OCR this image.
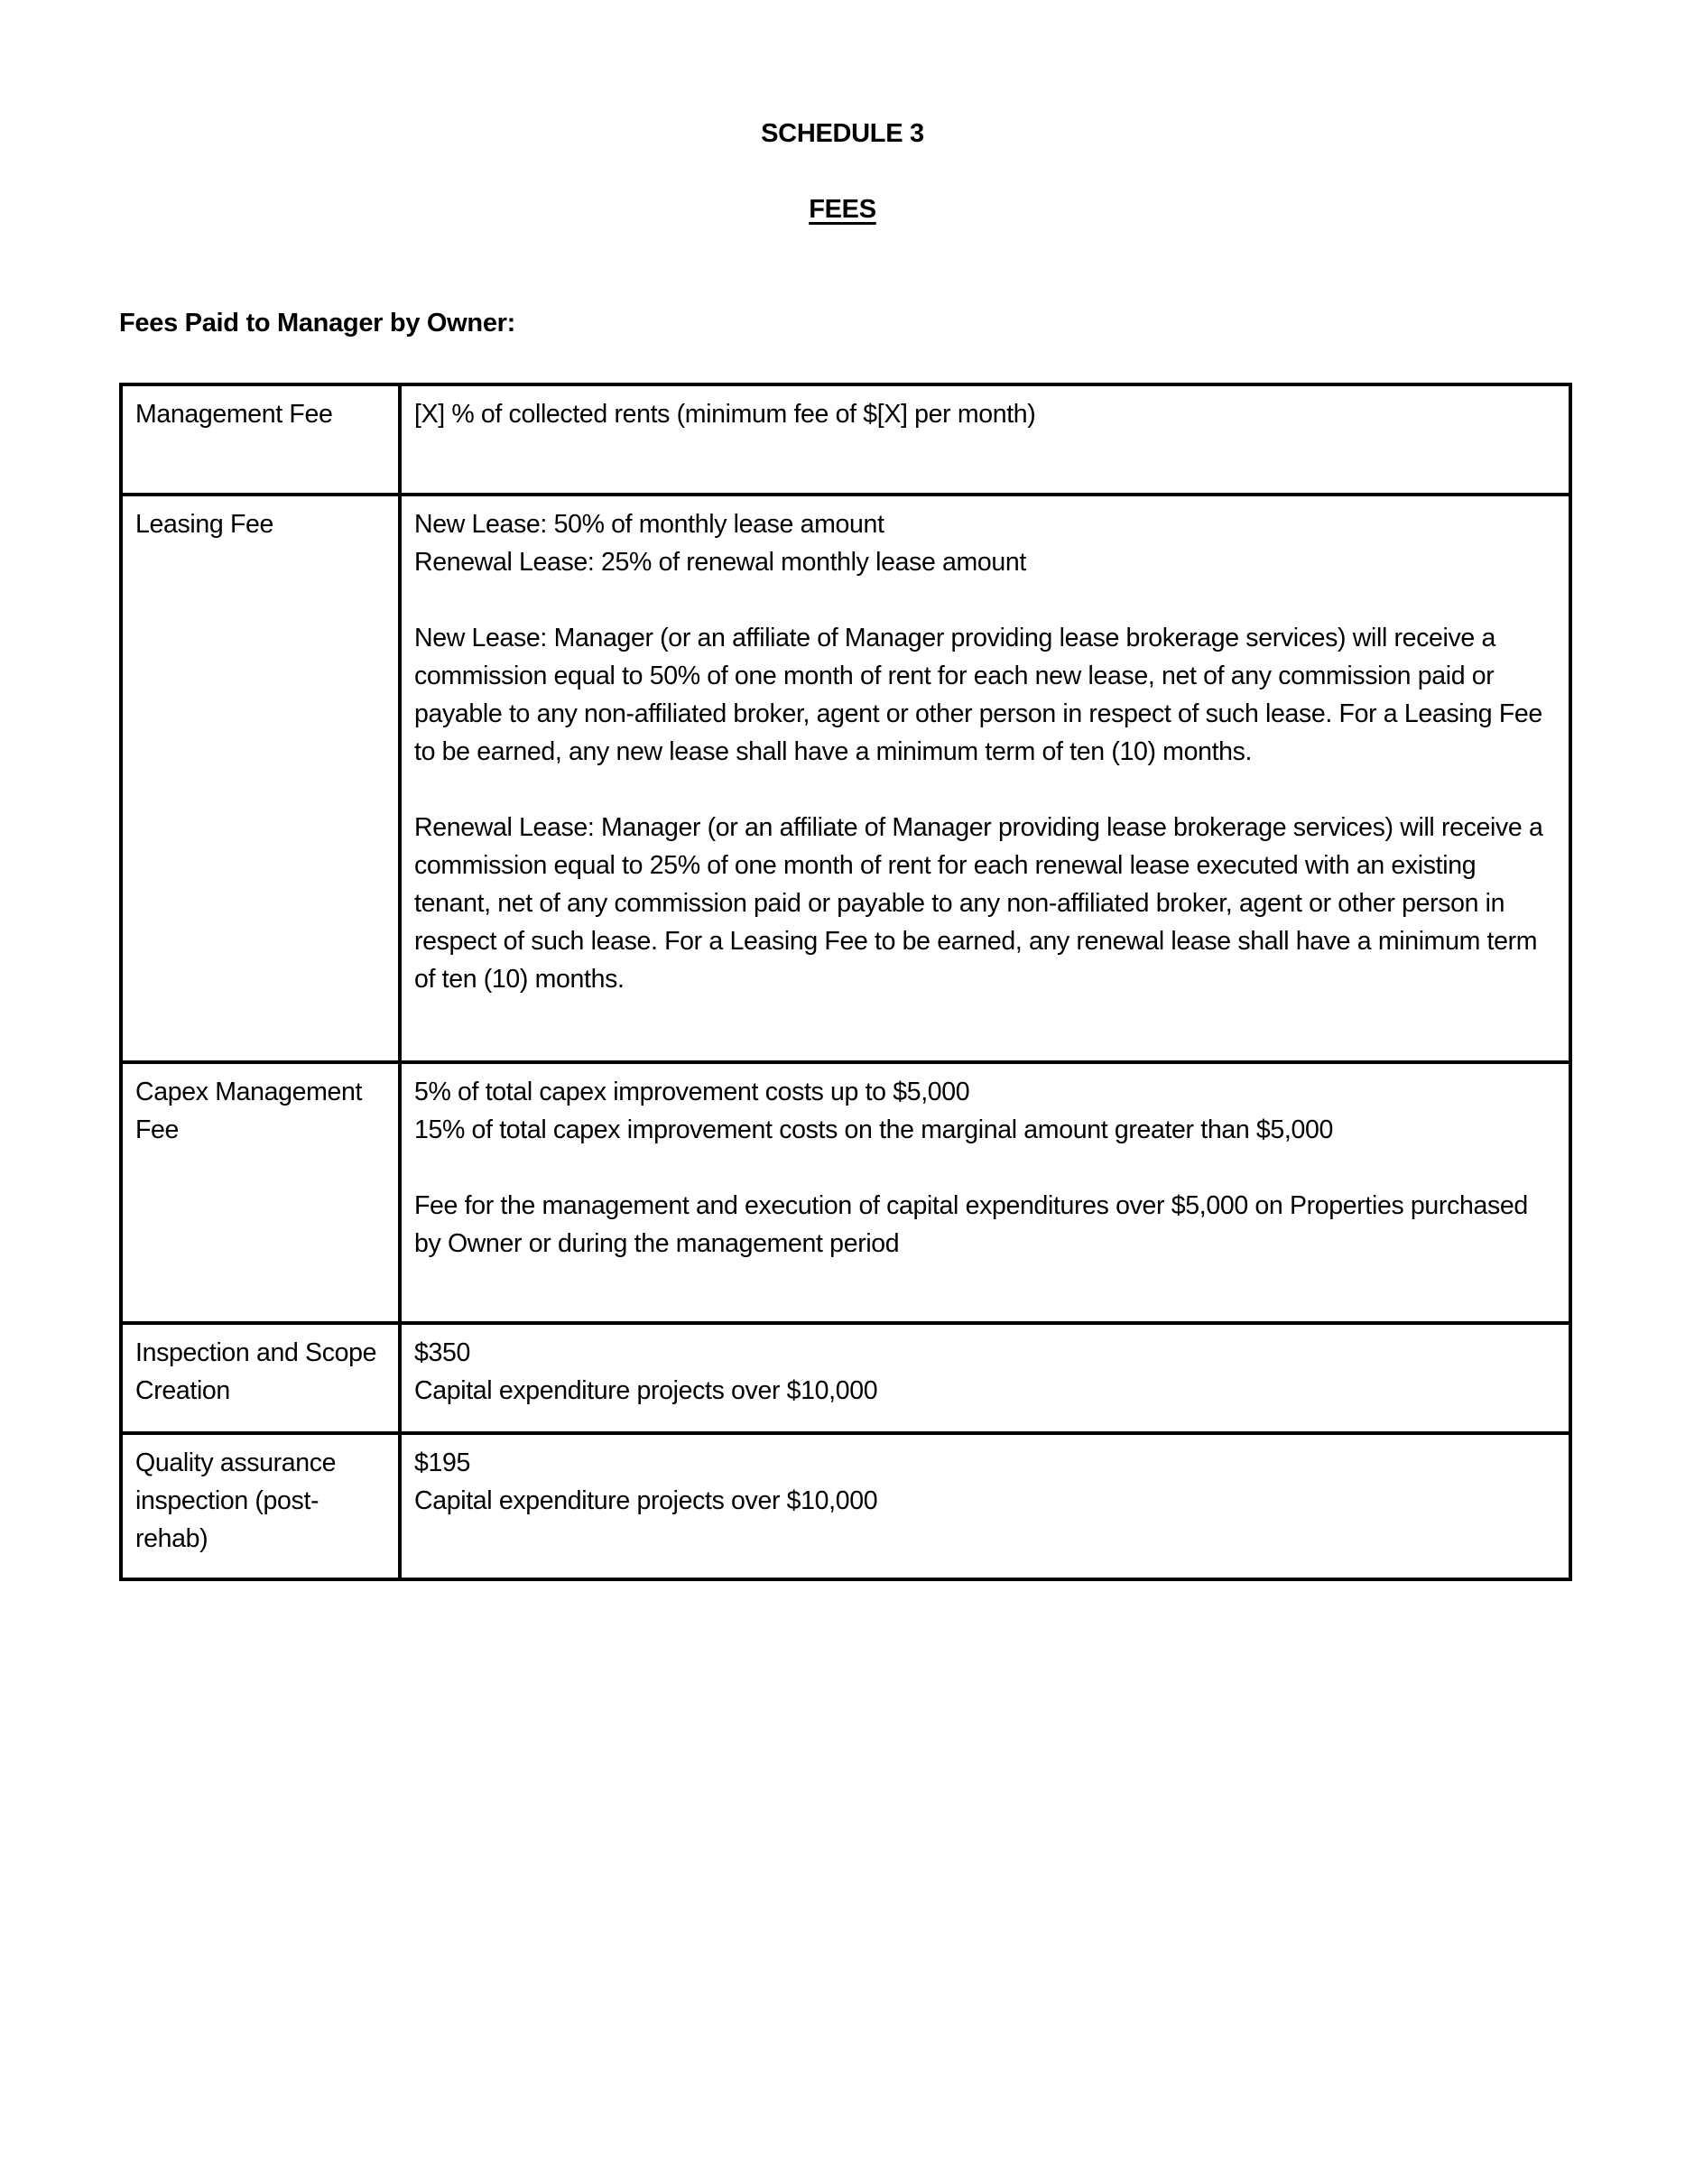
SCHEDULE 3
FEES
Fees Paid to Manager by Owner:
Management Fee	[X] % of collected rents (minimum fee of $[X] per month)

Leasing Fee	New Lease: 50% of monthly lease amount
Renewal Lease: 25% of renewal monthly lease amount

New Lease: Manager (or an affiliate of Manager providing lease brokerage services) will receive a commission equal to 50% of one month of rent for each new lease, net of any commission paid or payable to any non-affiliated broker, agent or other person in respect of such lease. For a Leasing Fee to be earned, any new lease shall have a minimum term of ten (10) months.

Renewal Lease: Manager (or an affiliate of Manager providing lease brokerage services) will receive a commission equal to 25% of one month of rent for each renewal lease executed with an existing tenant, net of any commission paid or payable to any non-affiliated broker, agent or other person in respect of such lease. For a Leasing Fee to be earned, any renewal lease shall have a minimum term of ten (10) months.

Capex Management Fee	5% of total capex improvement costs up to $5,000
15% of total capex improvement costs on the marginal amount greater than $5,000

Fee for the management and execution of capital expenditures over $5,000 on Properties purchased by Owner or during the management period

Inspection and Scope Creation	$350
Capital expenditure projects over $10,000

Quality assurance inspection (post-rehab)	$195
Capital expenditure projects over $10,000
